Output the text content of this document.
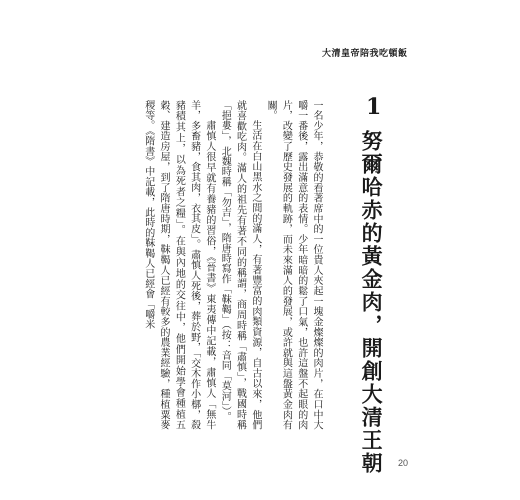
大清皇帝陪我吃頓飯
1
努爾哈赤的黃金肉，開創大清王朝

一名少年，恭敬的看著席中的一位貴人夾起一塊金燦燦的肉片，在口中大嚼一番後，露出滿意的表情。少年暗暗的鬆了口氣，也許這盤不起眼的肉片，改變了歷史發展的軌跡，而未來滿人的發展，或許就與這盤黃金肉有關。

生活在白山黑水之間的滿人，有著豐富的肉類資源，自古以來，他們就喜歡吃肉。滿人的祖先有著不同的稱謂，商周時稱「肅慎」，戰國時稱「挹婁」，北魏時稱「勿吉」，隋唐時寫作「靺鞨」（按：音同「莫河」）。

肅慎人很早就有養豬的習俗，《晉書》東夷傳中記載，肅慎人「無牛羊，多畜豬，食其肉，衣其皮」。肅慎人死後，葬於野，「交木作小槨，殺豬積其上，以為死者之糧」。在與內地的交往中，他們開始學會種植五穀、建造房屋，到了隋唐時期，靺鞨人已經有較多的農業經驗，種植粟麥稷等。《隋書》中記載，此時的靺鞨人已經會「嚼米

20
